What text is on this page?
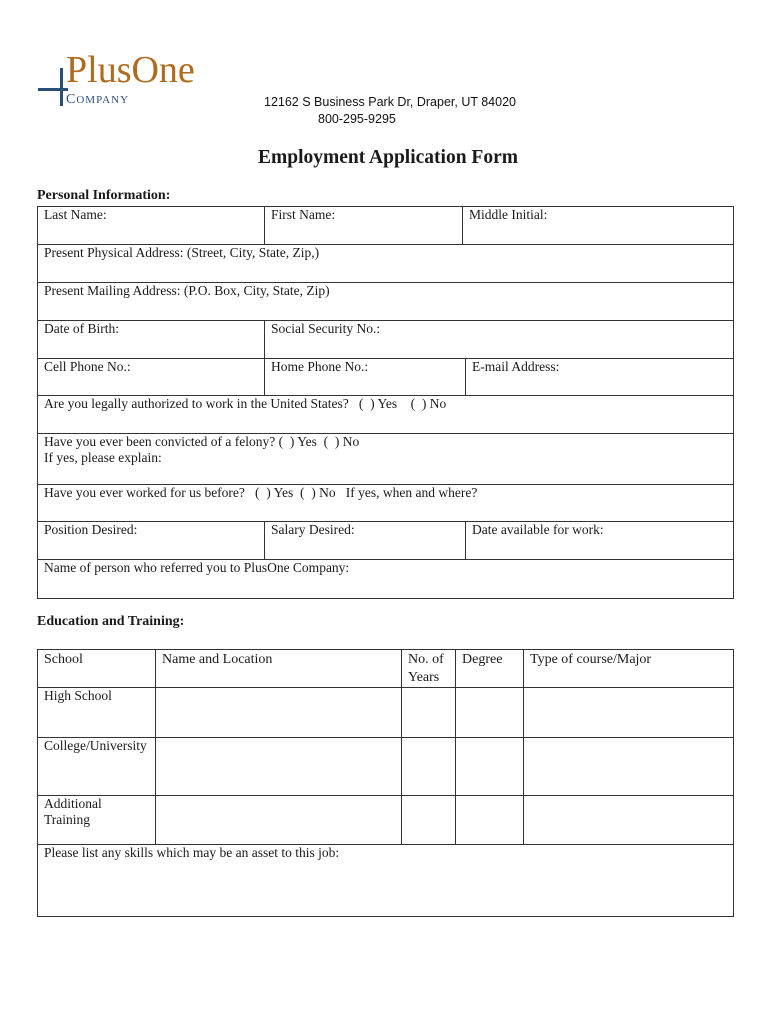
PlusOne
COMPANY	12162 S Business Park Dr, Draper, UT 84020
800-295-9295
Employment Application Form
Personal Information:
Last Name:	First Name:	Middle Initial:
Present Physical Address: (Street, City, State, Zip,)
Present Mailing Address: (P.O. Box, City, State, Zip)
Date of Birth:	Social Security No.:
Cell Phone No.:	Home Phone No.:	E-mail Address:
Are you legally authorized to work in the United States?   (  ) Yes    (  ) No
Have you ever been convicted of a felony? (  ) Yes  (  ) No
If yes, please explain:
Have you ever worked for us before?   (  ) Yes  (  ) No   If yes, when and where?
Position Desired:	Salary Desired:	Date available for work:
Name of person who referred you to PlusOne Company:
Education and Training:
School	Name and Location	No. of Years	Degree	Type of course/Major
High School				
College/University				
Additional Training				
Please list any skills which may be an asset to this job:				
